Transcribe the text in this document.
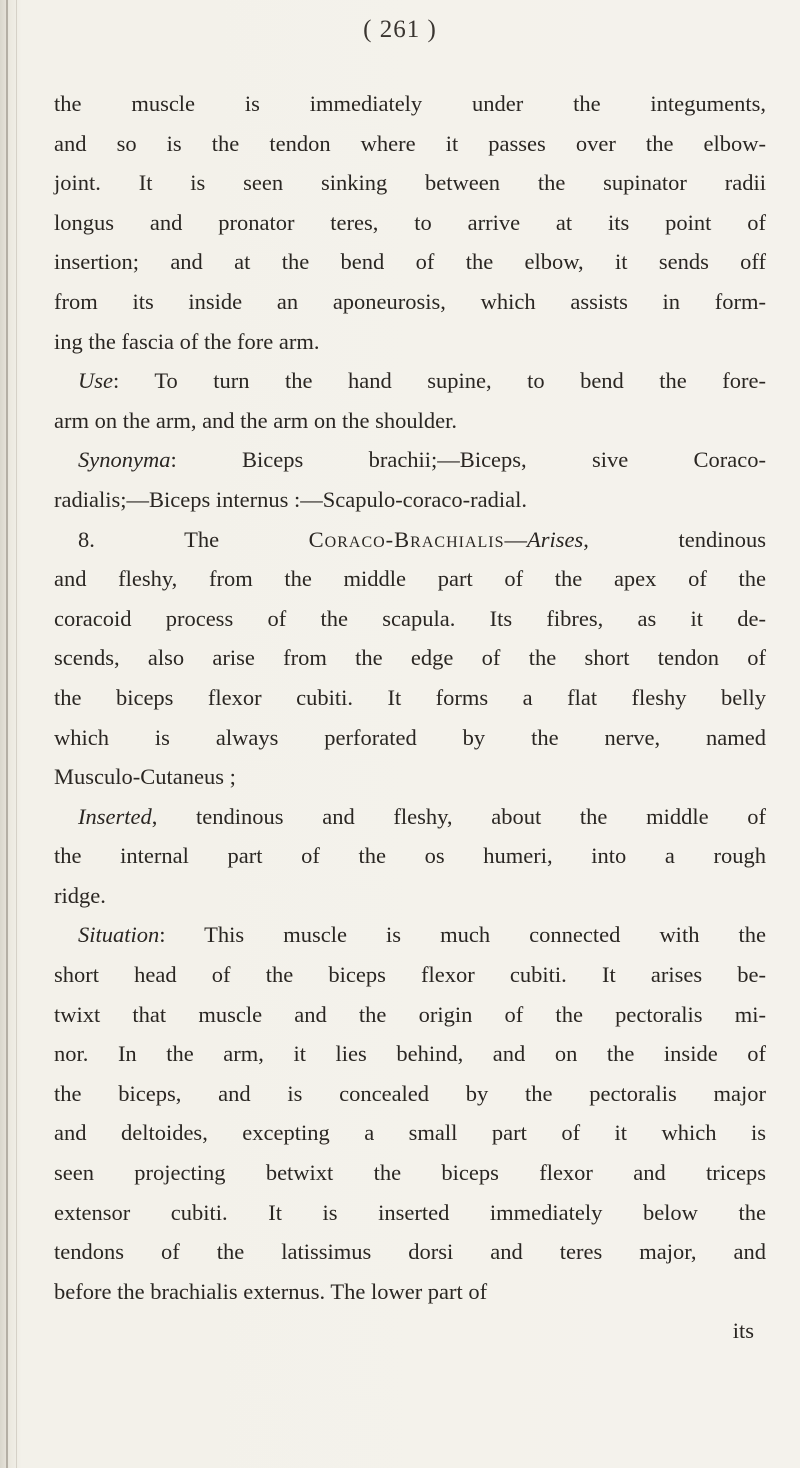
( 261 )
the muscle is immediately under the integuments,
and so is the tendon where it passes over the elbow-
joint. It is seen sinking between the supinator radii
longus and pronator teres, to arrive at its point of
insertion; and at the bend of the elbow, it sends off
from its inside an aponeurosis, which assists in form-
ing the fascia of the fore arm.
Use: To turn the hand supine, to bend the fore-
arm on the arm, and the arm on the shoulder.
Synonyma: Biceps brachii;—Biceps, sive Coraco-
radialis;—Biceps internus :—Scapulo-coraco-radial.
8. The Coraco-Brachialis—Arises, tendinous
and fleshy, from the middle part of the apex of the
coracoid process of the scapula. Its fibres, as it de-
scends, also arise from the edge of the short tendon of
the biceps flexor cubiti. It forms a flat fleshy belly
which is always perforated by the nerve, named
Musculo-Cutaneus ;
Inserted, tendinous and fleshy, about the middle of
the internal part of the os humeri, into a rough
ridge.
Situation: This muscle is much connected with the
short head of the biceps flexor cubiti. It arises be-
twixt that muscle and the origin of the pectoralis mi-
nor. In the arm, it lies behind, and on the inside of
the biceps, and is concealed by the pectoralis major
and deltoides, excepting a small part of it which is
seen projecting betwixt the biceps flexor and triceps
extensor cubiti. It is inserted immediately below the
tendons of the latissimus dorsi and teres major, and
before the brachialis externus. The lower part of
its
